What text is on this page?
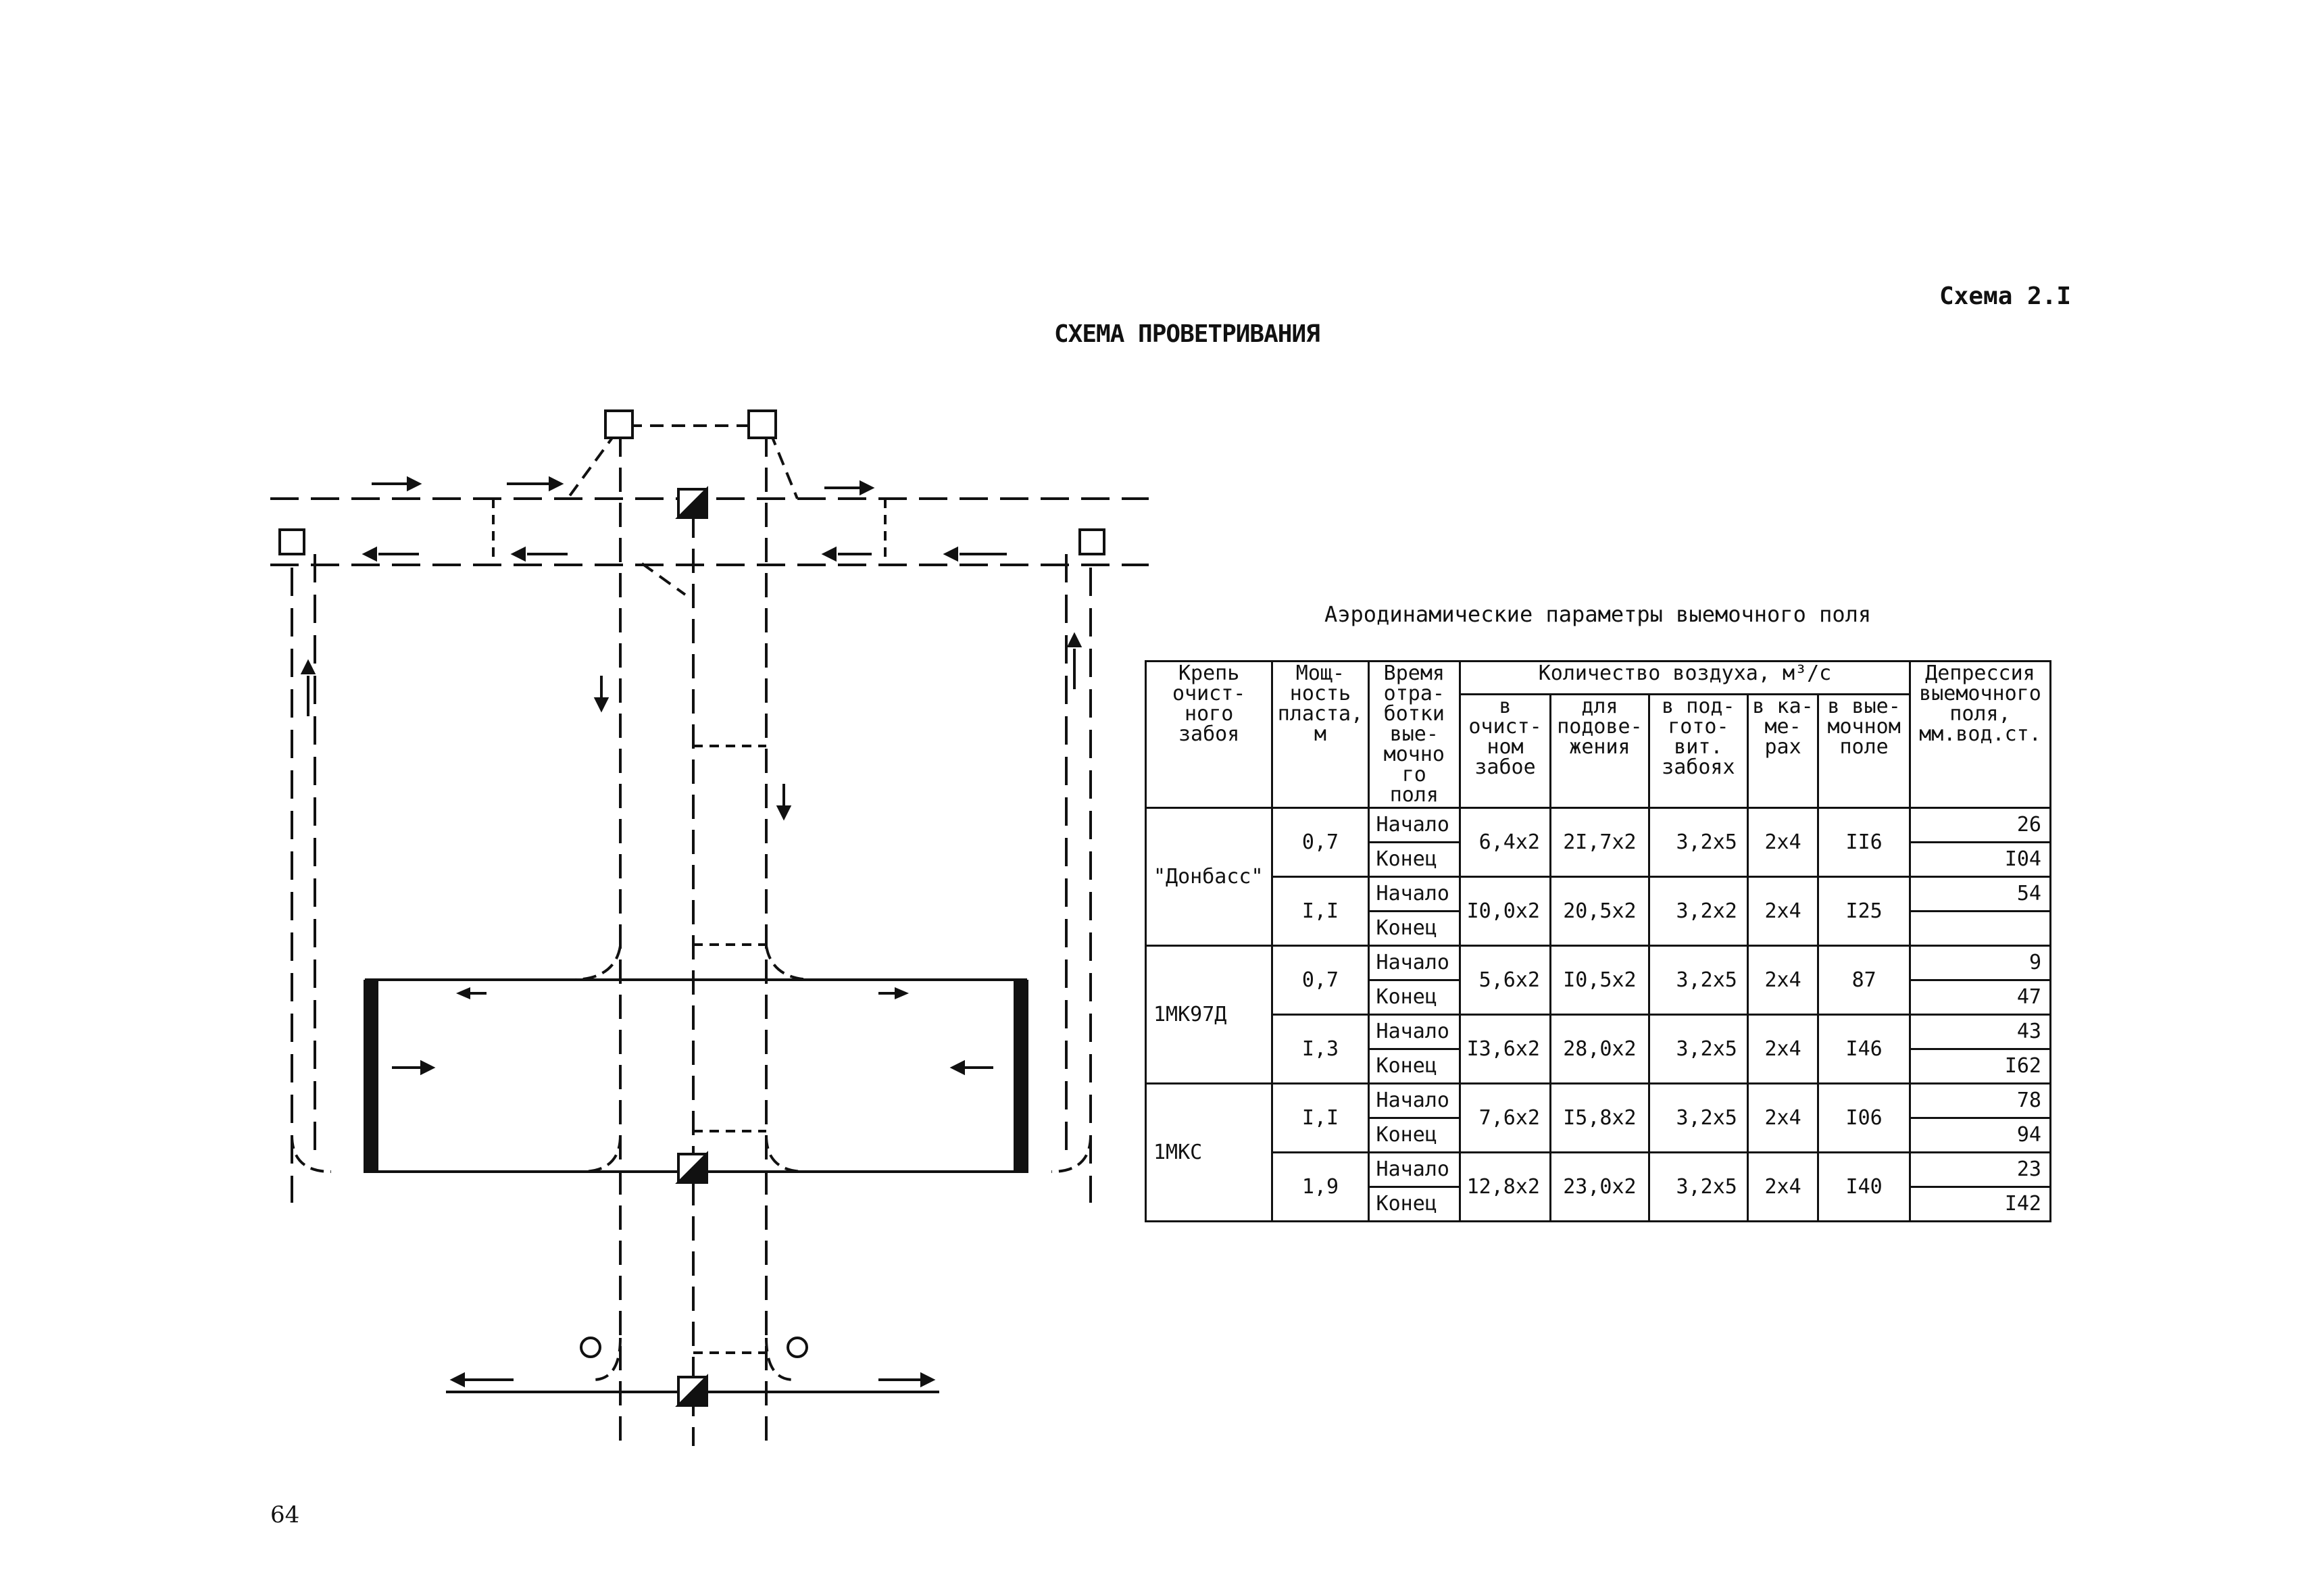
Схема 2.I
СХЕМА ПРОВЕТРИВАНИЯ
Аэродинамические параметры выемочного поля
64
Крепь очист-ного забоя	Мощ-ность пласта, м	Время отра-ботки вые-мочно го поля	Количество воздуха, м³/с					Депрессия выемочного поля, мм.вод.ст.
			в очист-ном забое	для подове-жения	в под-гото-вит. забоях	в ка-ме-рах	в вые-мочном поле	
"Донбасс"	0,7	Начало	6,4x2	2I,7x2	3,2x5	2x4	II6	26
		Конец						I04
	I,I	Начало	I0,0x2	20,5x2	3,2x2	2x4	I25	54
		Конец						
1МК97Д	0,7	Начало	5,6x2	I0,5x2	3,2x5	2x4	87	9
		Конец						47
	I,3	Начало	I3,6x2	28,0x2	3,2x5	2x4	I46	43
		Конец						I62
1МКС	I,I	Начало	7,6x2	I5,8x2	3,2x5	2x4	I06	78
		Конец						94
	1,9	Начало	12,8x2	23,0x2	3,2x5	2x4	I40	23
		Конец						I42
